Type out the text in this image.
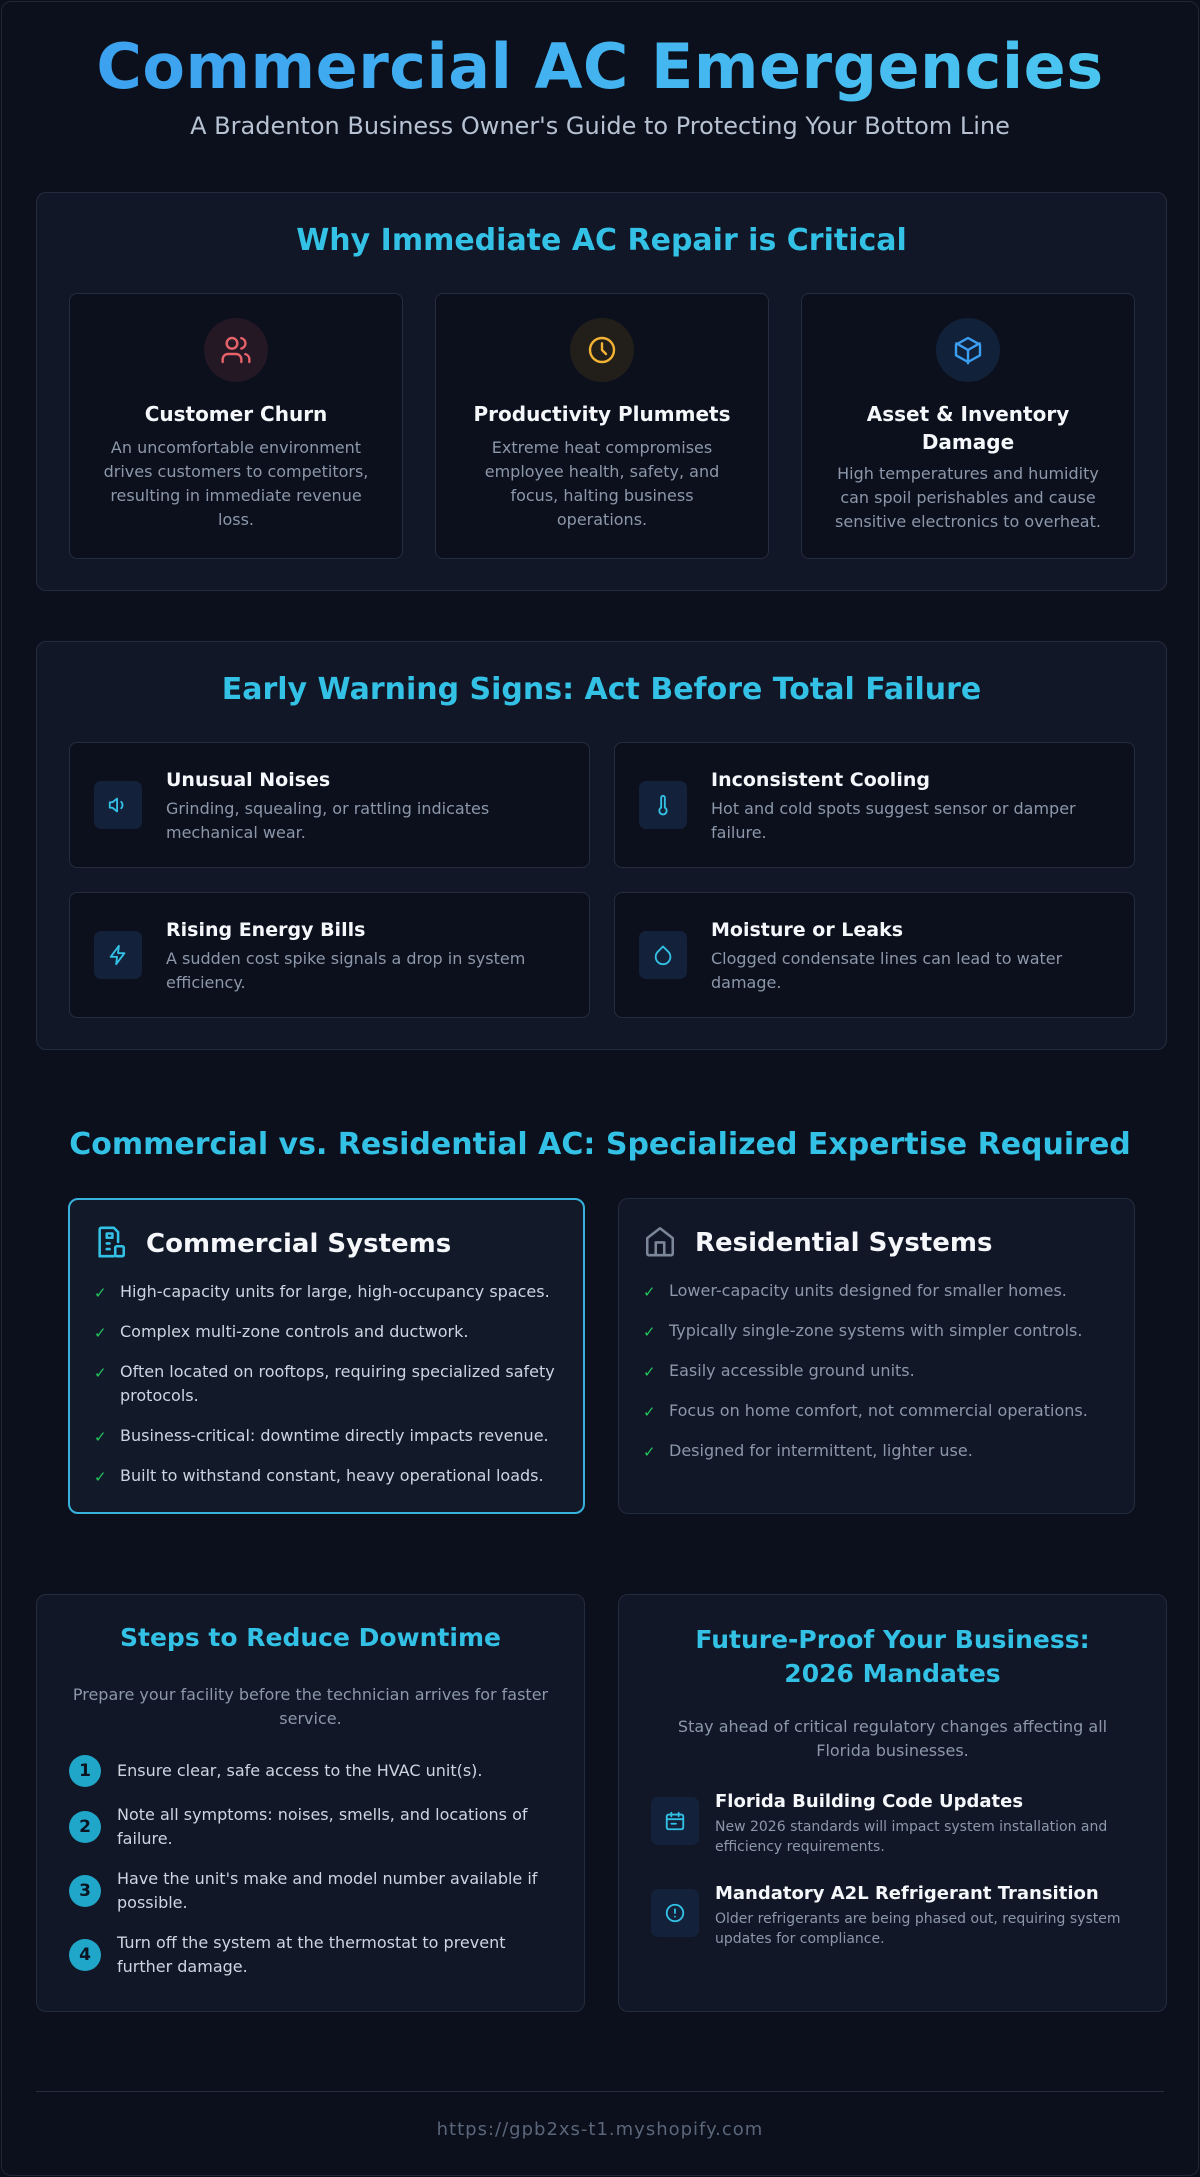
Commercial AC Emergencies
A Bradenton Business Owner's Guide to Protecting Your Bottom Line
Why Immediate AC Repair is Critical
Customer Churn
An uncomfortable environment drives customers to competitors, resulting in immediate revenue loss.
Productivity Plummets
Extreme heat compromises employee health, safety, and focus, halting business operations.
Asset & Inventory Damage
High temperatures and humidity can spoil perishables and cause sensitive electronics to overheat.
Early Warning Signs: Act Before Total Failure
Unusual Noises
Grinding, squealing, or rattling indicates mechanical wear.
Inconsistent Cooling
Hot and cold spots suggest sensor or damper failure.
Rising Energy Bills
A sudden cost spike signals a drop in system efficiency.
Moisture or Leaks
Clogged condensate lines can lead to water damage.
Commercial vs. Residential AC: Specialized Expertise Required
Commercial Systems
✓ High-capacity units for large, high-occupancy spaces.
✓ Complex multi-zone controls and ductwork.
✓ Often located on rooftops, requiring specialized safety protocols.
✓ Business-critical: downtime directly impacts revenue.
✓ Built to withstand constant, heavy operational loads.
Residential Systems
✓ Lower-capacity units designed for smaller homes.
✓ Typically single-zone systems with simpler controls.
✓ Easily accessible ground units.
✓ Focus on home comfort, not commercial operations.
✓ Designed for intermittent, lighter use.
Steps to Reduce Downtime
Prepare your facility before the technician arrives for faster service.
1	Ensure clear, safe access to the HVAC unit(s).
2
Note all symptoms: noises, smells, and locations of failure.
3
Have the unit's make and model number available if possible.
4
Turn off the system at the thermostat to prevent further damage.
Future-Proof Your Business: 2026 Mandates
Stay ahead of critical regulatory changes affecting all Florida businesses.
Florida Building Code Updates
New 2026 standards will impact system installation and efficiency requirements.
Mandatory A2L Refrigerant Transition
Older refrigerants are being phased out, requiring system updates for compliance.
https://gpb2xs-t1.myshopify.com
